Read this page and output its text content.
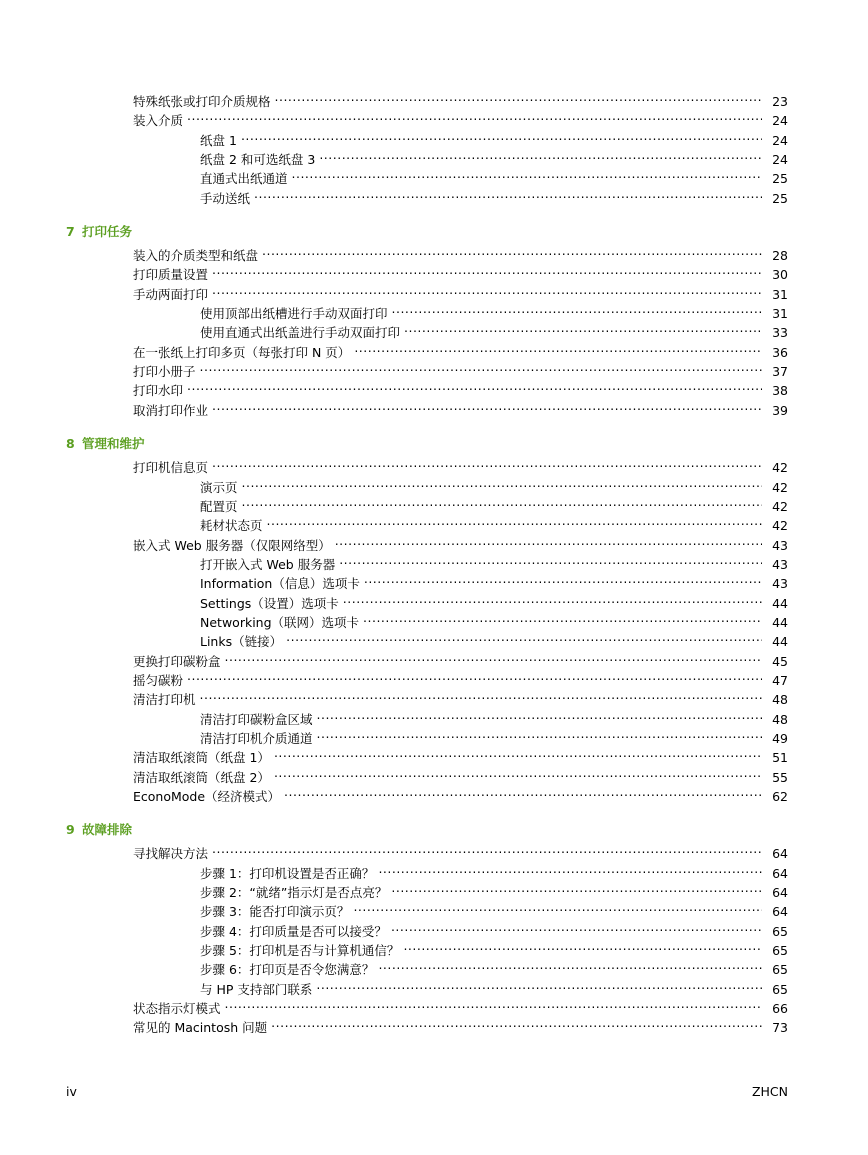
特殊纸张或打印介质规格 .....	23
装入介质 .....	24
纸盘 1 .....	24
纸盘 2 和可选纸盘 3 .....	24
直通式出纸通道 .....	25
手动送纸 .....	25
7 打印任务
装入的介质类型和纸盘 .....	28
打印质量设置 .....	30
手动两面打印 .....	31
使用顶部出纸槽进行手动双面打印 .....	31
使用直通式出纸盖进行手动双面打印 .....	33
在一张纸上打印多页（每张打印 N 页） .....	36
打印小册子 .....	37
打印水印 .....	38
取消打印作业 .....	39
8 管理和维护
打印机信息页 .....	42
演示页 .....	42
配置页 .....	42
耗材状态页 .....	42
嵌入式 Web 服务器（仅限网络型） .....	43
打开嵌入式 Web 服务器 .....	43
Information（信息）选项卡 .....	43
Settings（设置）选项卡 .....	44
Networking（联网）选项卡 .....	44
Links（链接） .....	44
更换打印碳粉盒 .....	45
摇匀碳粉 .....	47
清洁打印机 .....	48
清洁打印碳粉盒区域 .....	48
清洁打印机介质通道 .....	49
清洁取纸滚筒（纸盘 1） .....	51
清洁取纸滚筒（纸盘 2） .....	55
EconoMode（经济模式） .....	62
9 故障排除
寻找解决方法 .....	64
步骤 1：打印机设置是否正确？ .....	64
步骤 2：“就绪”指示灯是否点亮？ .....	64
步骤 3：能否打印演示页？ .....	64
步骤 4：打印质量是否可以接受？ .....	65
步骤 5：打印机是否与计算机通信？ .....	65
步骤 6：打印页是否令您满意？ .....	65
与 HP 支持部门联系 .....	65
状态指示灯模式 .....	66
常见的 Macintosh 问题 .....	73
iv	ZHCN
